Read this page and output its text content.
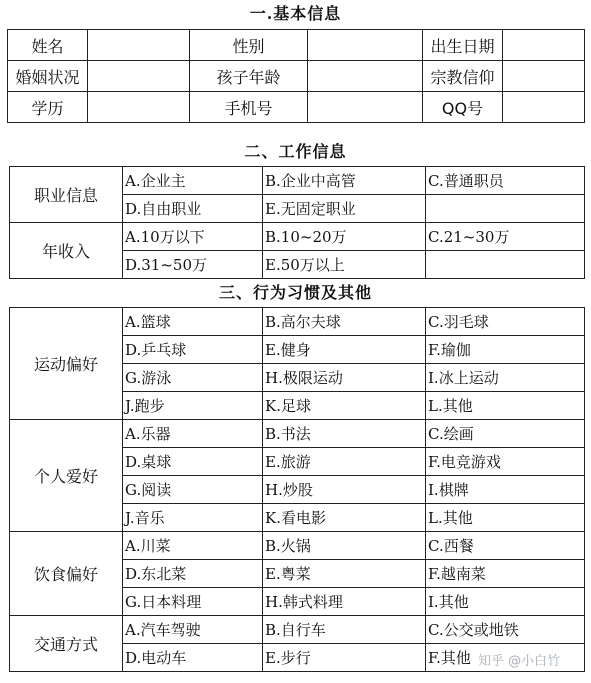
一.基本信息
姓名		性别		出生日期	
婚姻状况		孩子年龄		宗教信仰	
学历		手机号		QQ号	
二、工作信息
职业信息	A.企业主	B.企业中高管	C.普通职员
	D.自由职业	E.无固定职业	
年收入	A.10万以下	B.10~20万	C.21~30万
	D.31~50万	E.50万以上	
三、行为习惯及其他
运动偏好	A.篮球	B.高尔夫球	C.羽毛球
	D.乒乓球	E.健身	F.瑜伽
	G.游泳	H.极限运动	I.冰上运动
	J.跑步	K.足球	L.其他
个人爱好	A.乐器	B.书法	C.绘画
	D.桌球	E.旅游	F.电竞游戏
	G.阅读	H.炒股	I.棋牌
	J.音乐	K.看电影	L.其他
饮食偏好	A.川菜	B.火锅	C.西餐
	D.东北菜	E.粤菜	F.越南菜
	G.日本料理	H.韩式料理	I.其他
交通方式	A.汽车驾驶	B.自行车	C.公交或地铁
	D.电动车	E.步行	F.其他 知乎 @小白竹
